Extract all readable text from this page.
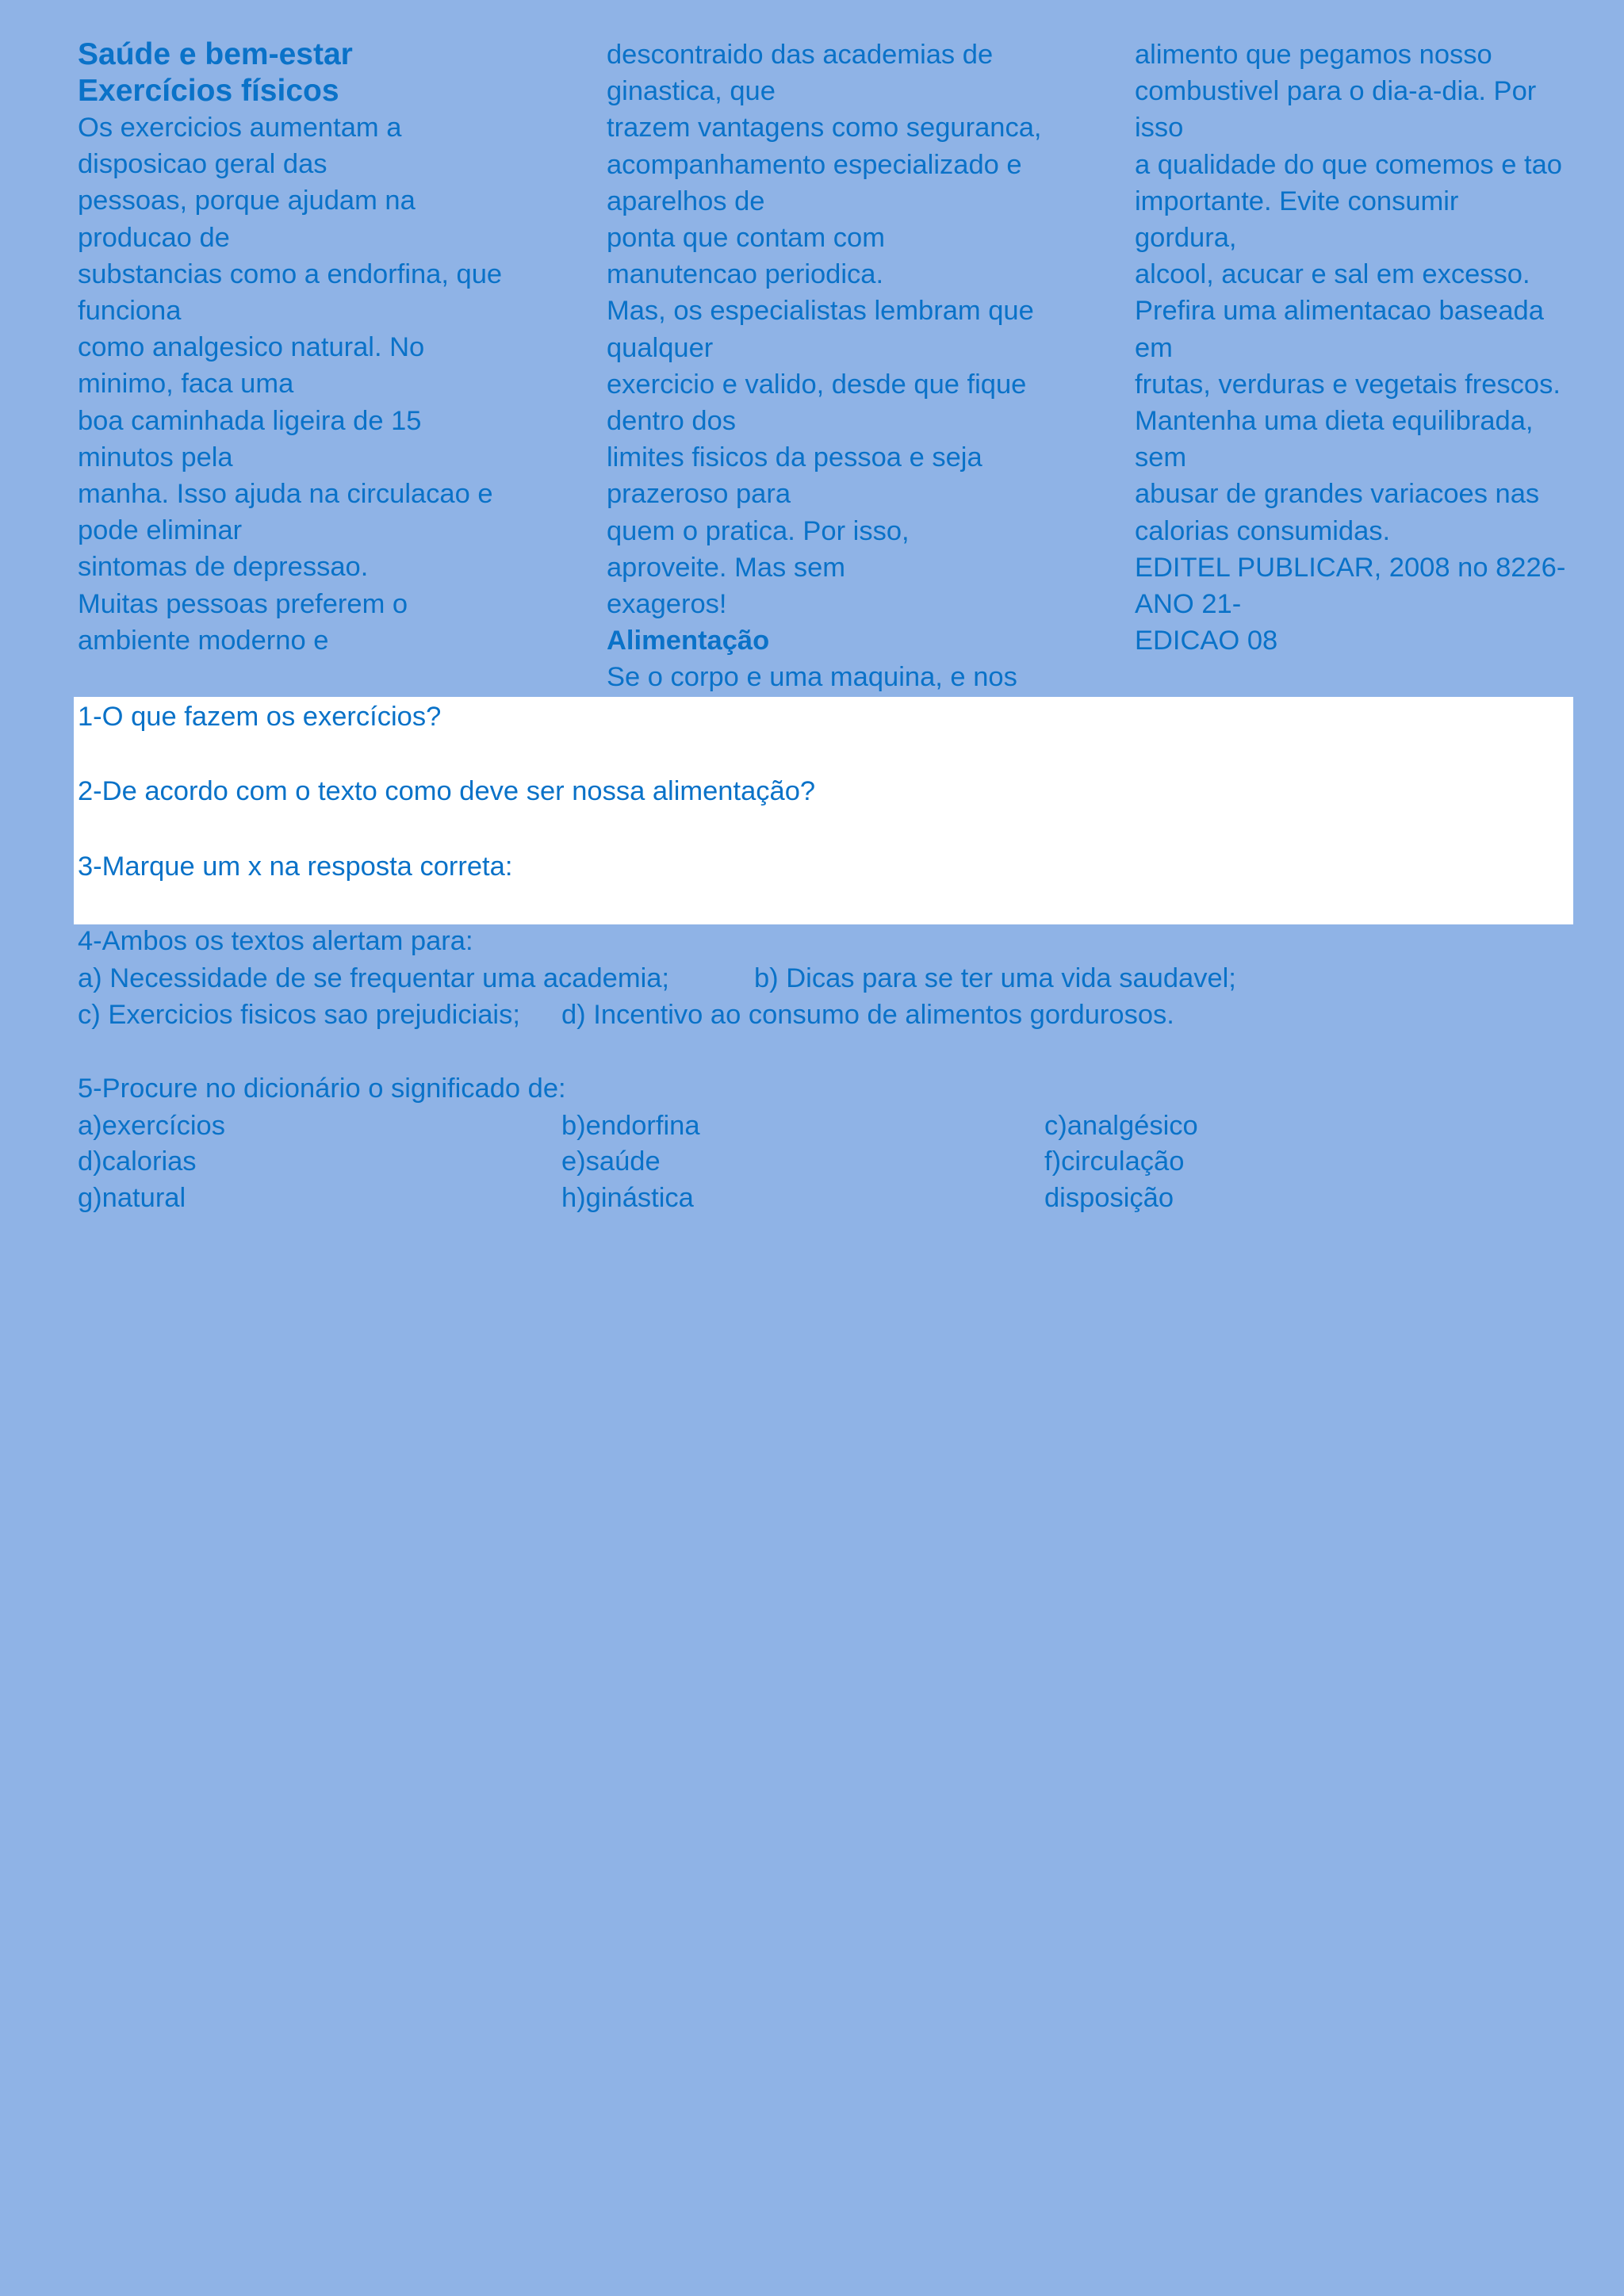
Saúde e bem-estar
Exercícios físicos
Os exercicios aumentam a
disposicao geral das
pessoas, porque ajudam na
producao de
substancias como a endorfina, que
funciona
como analgesico natural. No
minimo, faca uma
boa caminhada ligeira de 15
minutos pela
manha. Isso ajuda na circulacao e
pode eliminar
sintomas de depressao.
Muitas pessoas preferem o
ambiente moderno e
descontraido das academias de
ginastica, que
trazem vantagens como seguranca,
acompanhamento especializado e
aparelhos de
ponta que contam com
manutencao periodica.
Mas, os especialistas lembram que
qualquer
exercicio e valido, desde que fique
dentro dos
limites fisicos da pessoa e seja
prazeroso para
quem o pratica. Por isso,
aproveite. Mas sem
exageros!
Alimentação
Se o corpo e uma maquina, e nos
alimento que pegamos nosso
combustivel para o dia-a-dia. Por
isso
a qualidade do que comemos e tao
importante. Evite consumir
gordura,
alcool, acucar e sal em excesso.
Prefira uma alimentacao baseada
em
frutas, verduras e vegetais frescos.
Mantenha uma dieta equilibrada,
sem
abusar de grandes variacoes nas
calorias consumidas.
EDITEL PUBLICAR, 2008 no 8226-
ANO 21-
EDICAO 08
1-O que fazem os exercícios?
2-De acordo com o texto como deve ser nossa alimentação?
3-Marque um x na resposta correta:
4-Ambos os textos alertam para:
a) Necessidade de se frequentar uma academia;	b) Dicas para se ter uma vida saudavel;
c) Exercicios fisicos sao prejudiciais; d) Incentivo ao consumo de alimentos gordurosos.
5-Procure no dicionário o significado de:
a)exercícios	b)endorfina	c)analgésico
d)calorias	e)saúde	f)circulação
g)natural	h)ginástica	disposição
